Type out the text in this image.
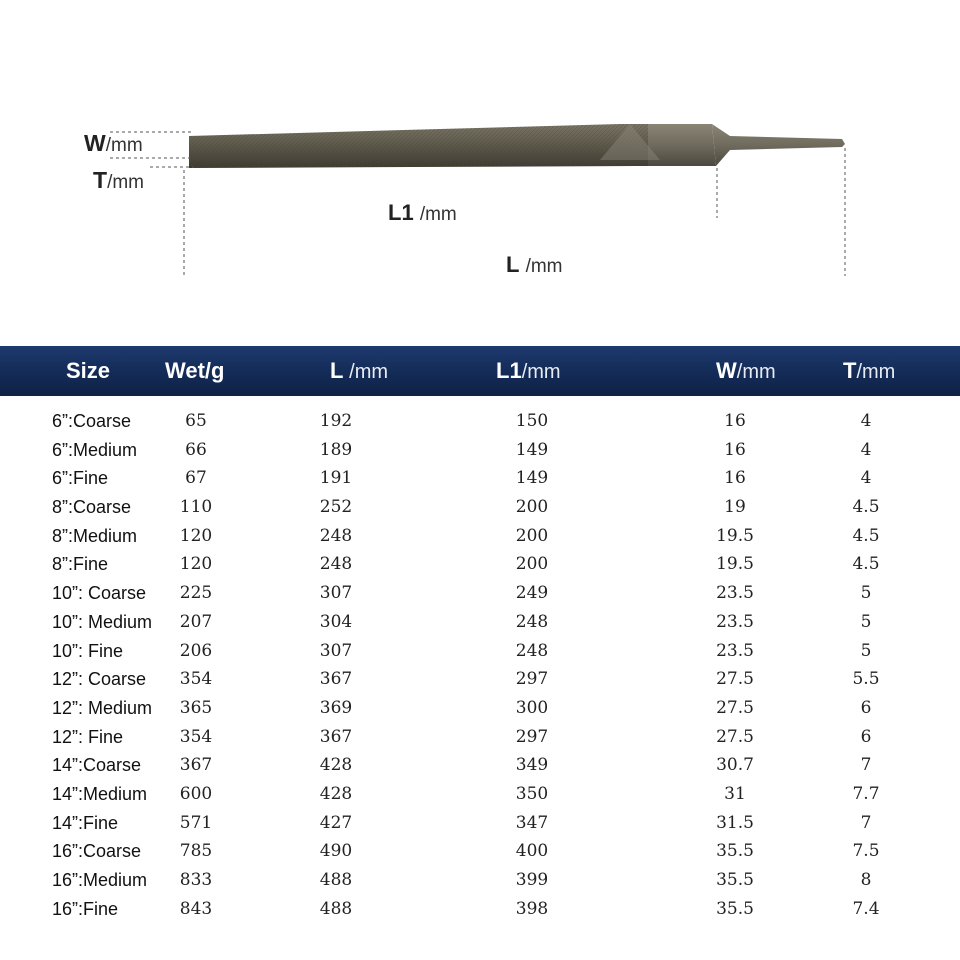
W/mm
T/mm
L1 /mm
L /mm
Size Wet/g	L /mm	L1/mm	W/mm	T/mm
6”:Coarse	65	192	150	16	4
6”:Medium	66	189	149	16	4
6”:Fine	67	191	149	16	4
8”:Coarse	110	252	200	19	4.5
8”:Medium	120	248	200	19.5	4.5
8”:Fine	120	248	200	19.5	4.5
10”: Coarse 225	307	249	23.5	5
10”: Medium 207	304	248	23.5	5
10”: Fine	206	307	248	23.5	5
12”: Coarse 354	367	297	27.5	5.5
12”: Medium 365	369	300	27.5	6
12”: Fine	354	367	297	27.5	6
14”:Coarse 367	428	349	30.7	7
14”:Medium 600	428	350	31	7.7
14”:Fine	571	427	347	31.5	7
16”:Coarse 785	490	400	35.5	7.5
16”:Medium 833	488	399	35.5	8
16”:Fine	843	488	398	35.5	7.4
